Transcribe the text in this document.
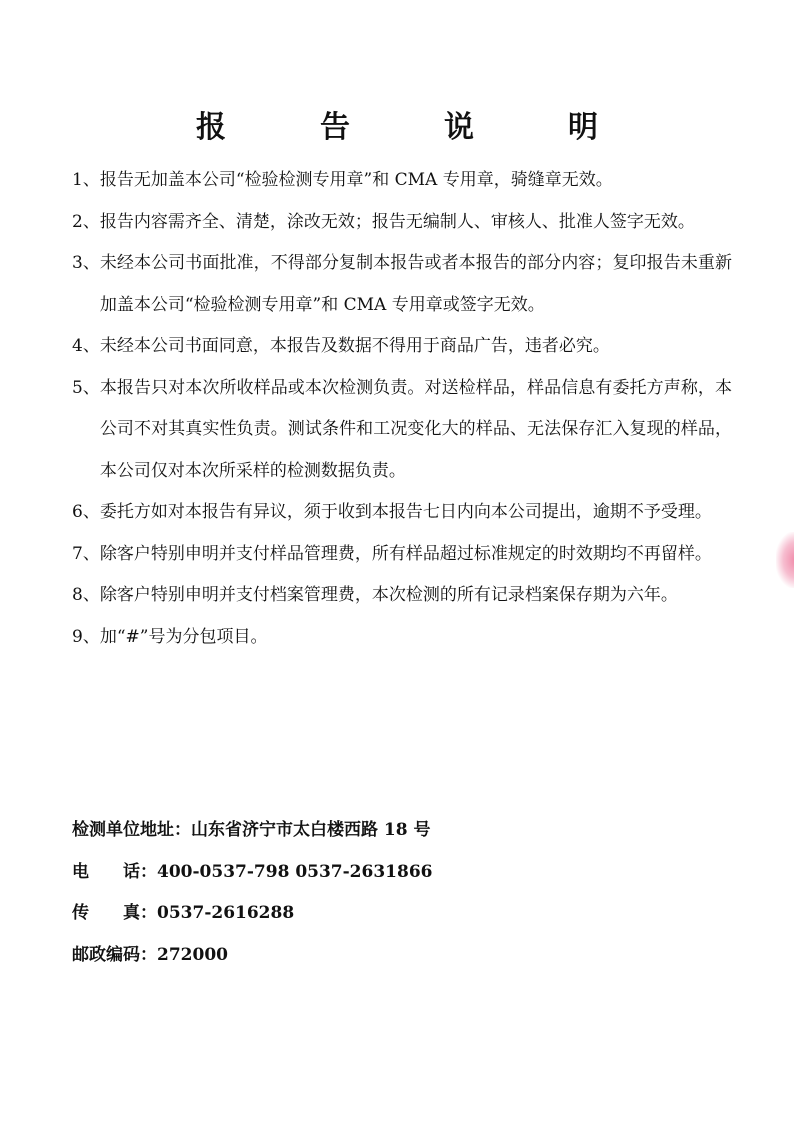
报　告　说　明
1、 报告无加盖本公司“检验检测专用章”和 CMA 专用章，骑缝章无效。
2、 报告内容需齐全、清楚，涂改无效；报告无编制人、审核人、批准人签字无效。
3、 未经本公司书面批准，不得部分复制本报告或者本报告的部分内容；复印报告未重新加盖本公司“检验检测专用章”和 CMA 专用章或签字无效。
4、 未经本公司书面同意，本报告及数据不得用于商品广告，违者必究。
5、 本报告只对本次所收样品或本次检测负责。对送检样品，样品信息有委托方声称，本公司不对其真实性负责。测试条件和工况变化大的样品、无法保存汇入复现的样品，本公司仅对本次所采样的检测数据负责。
6、 委托方如对本报告有异议，须于收到本报告七日内向本公司提出，逾期不予受理。
7、 除客户特别申明并支付样品管理费，所有样品超过标准规定的时效期均不再留样。
8、 除客户特别申明并支付档案管理费，本次检测的所有记录档案保存期为六年。
9、 加“#”号为分包项目。
检测单位地址：山东省济宁市太白楼西路 18 号
电　　话：400-0537-798 0537-2631866
传　　真：0537-2616288
邮政编码：272000
